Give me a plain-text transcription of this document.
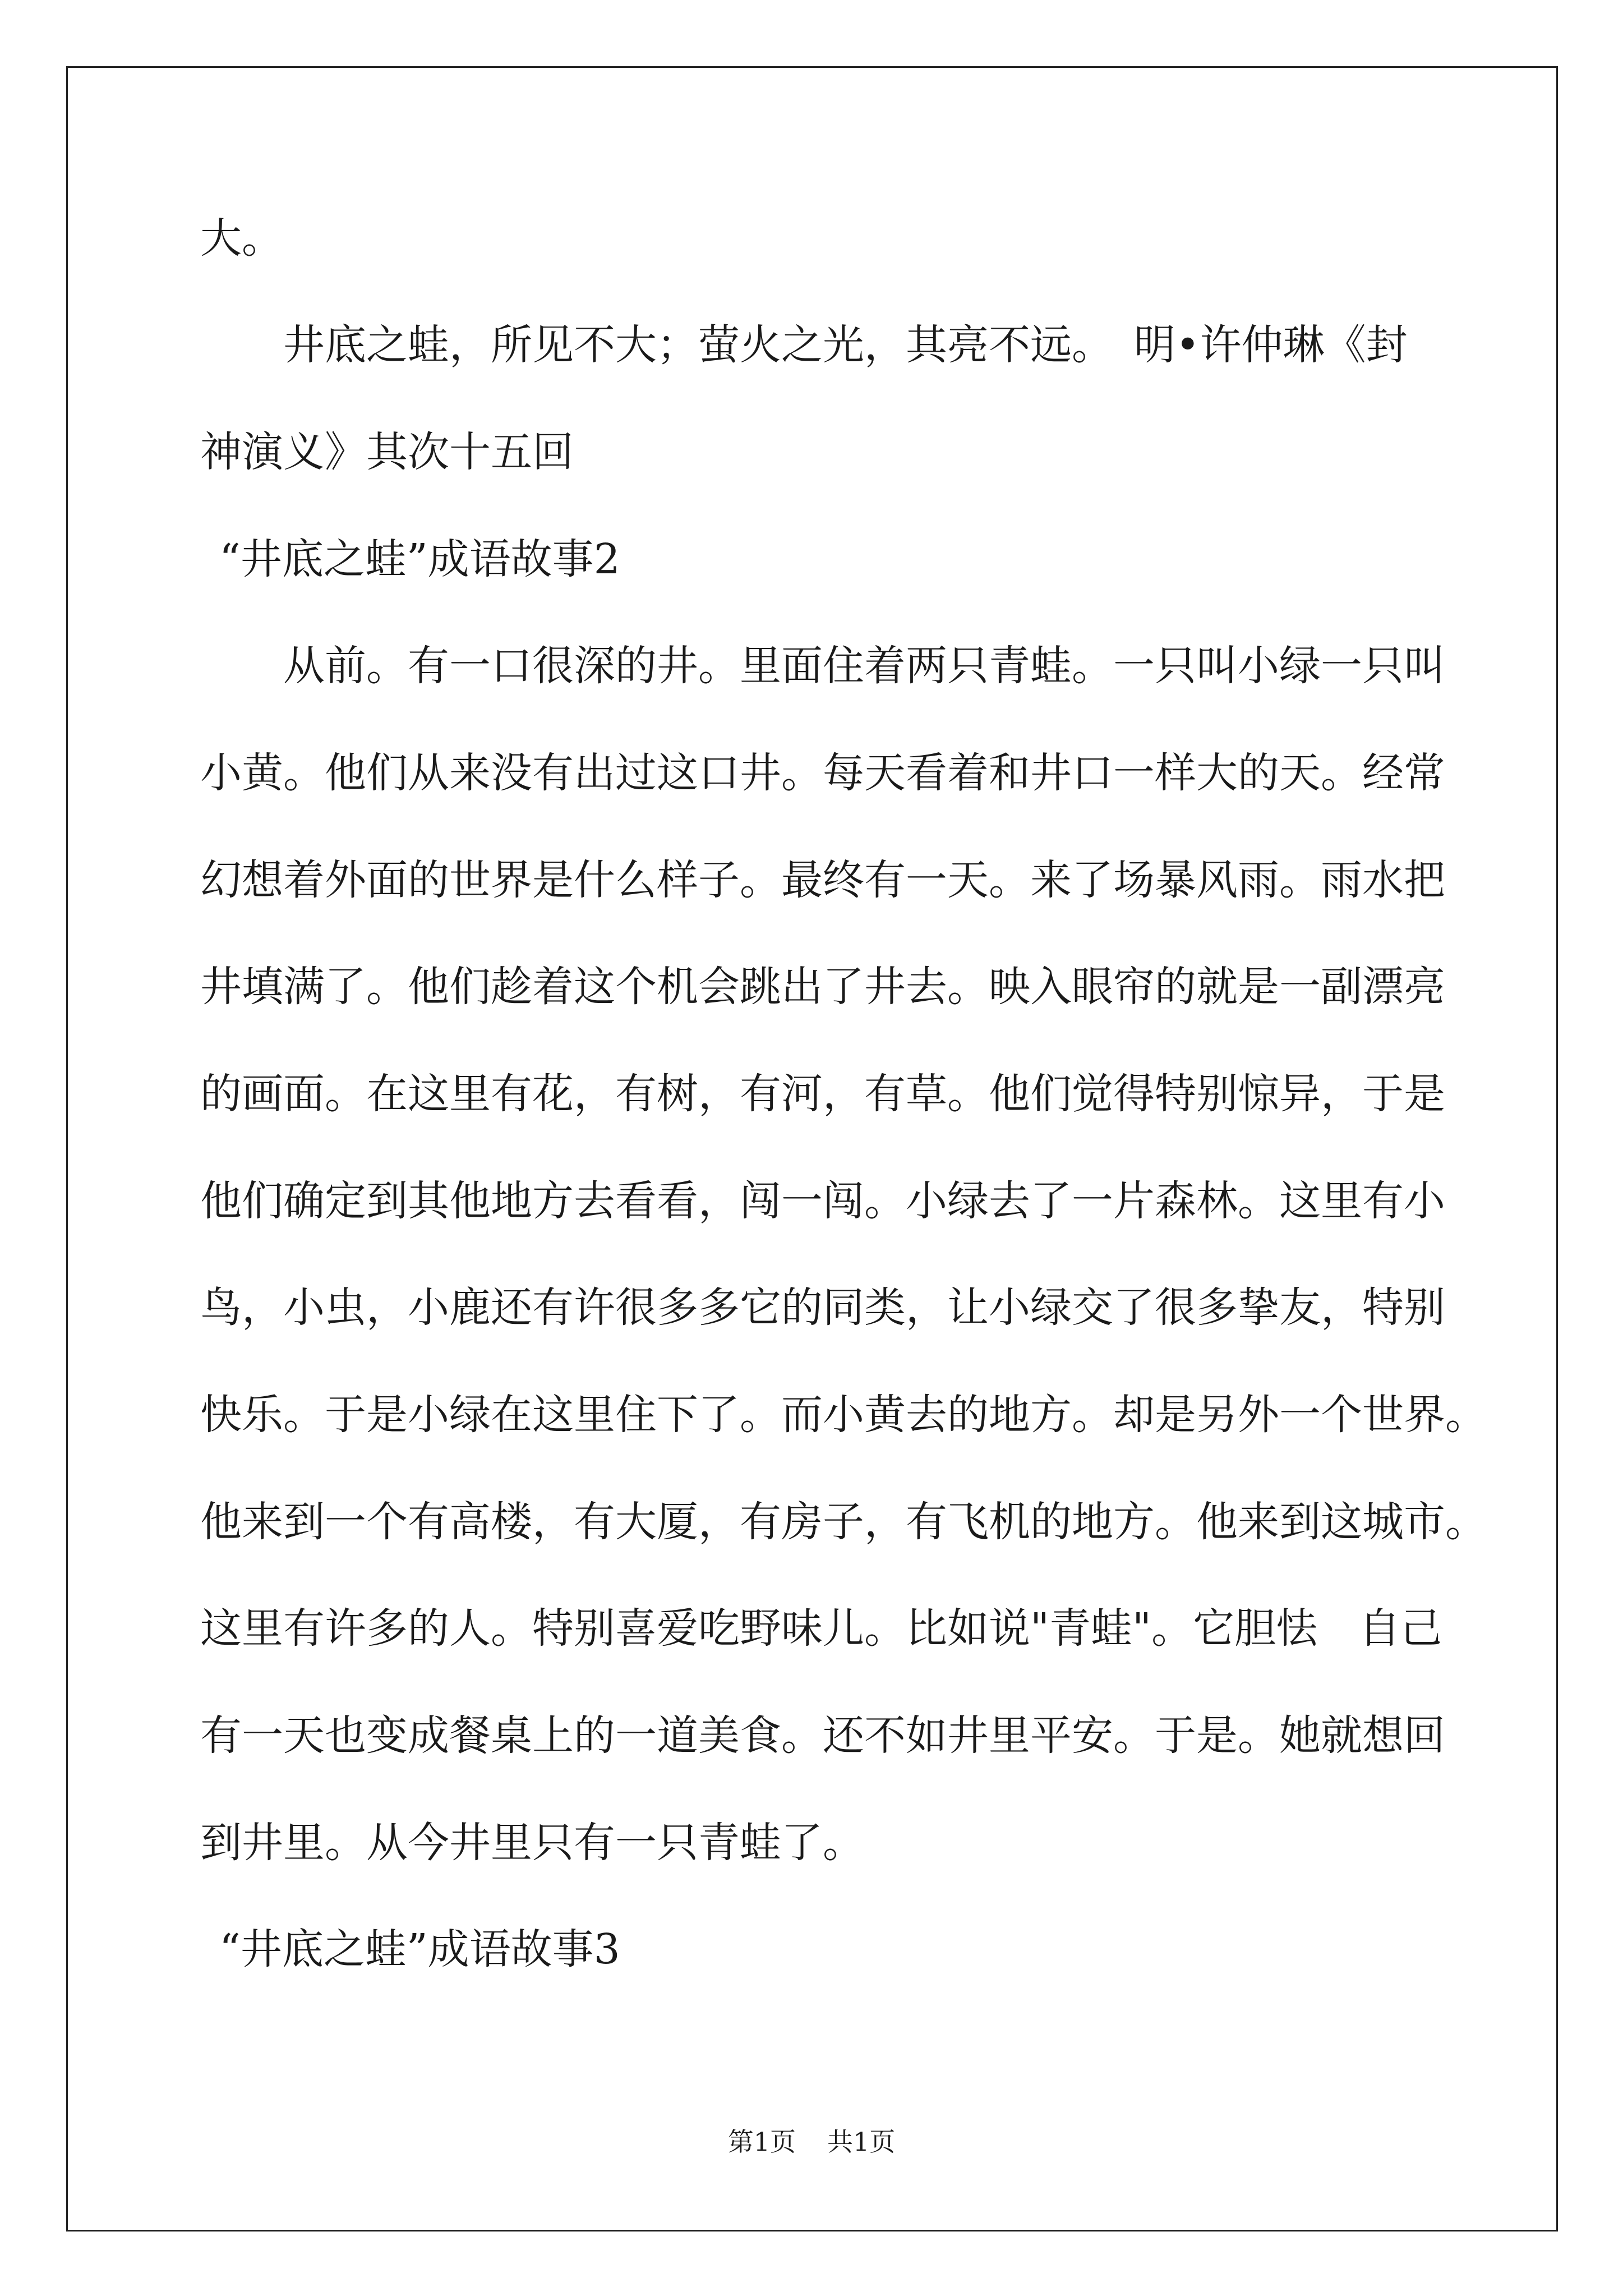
大。
井底之蛙，所见不大；萤火之光，其亮不远。　明•许仲琳《封
神演义》其次十五回
“井底之蛙”成语故事2
从前。有一口很深的井。里面住着两只青蛙。一只叫小绿一只叫
小黄。他们从来没有出过这口井。每天看着和井口一样大的天。经常
幻想着外面的世界是什么样子。最终有一天。来了场暴风雨。雨水把
井填满了。他们趁着这个机会跳出了井去。映入眼帘的就是一副漂亮
的画面。在这里有花，有树，有河，有草。他们觉得特别惊异，于是
他们确定到其他地方去看看，闯一闯。小绿去了一片森林。这里有小
鸟，小虫，小鹿还有许很多多它的同类，让小绿交了很多挚友，特别
快乐。于是小绿在这里住下了。而小黄去的地方。却是另外一个世界。
他来到一个有高楼，有大厦，有房子，有飞机的地方。他来到这城市。
这里有许多的人。特别喜爱吃野味儿。比如说"青蛙"。它胆怯　自己
有一天也变成餐桌上的一道美食。还不如井里平安。于是。她就想回
到井里。从今井里只有一只青蛙了。
“井底之蛙”成语故事3
第1页 共1页
